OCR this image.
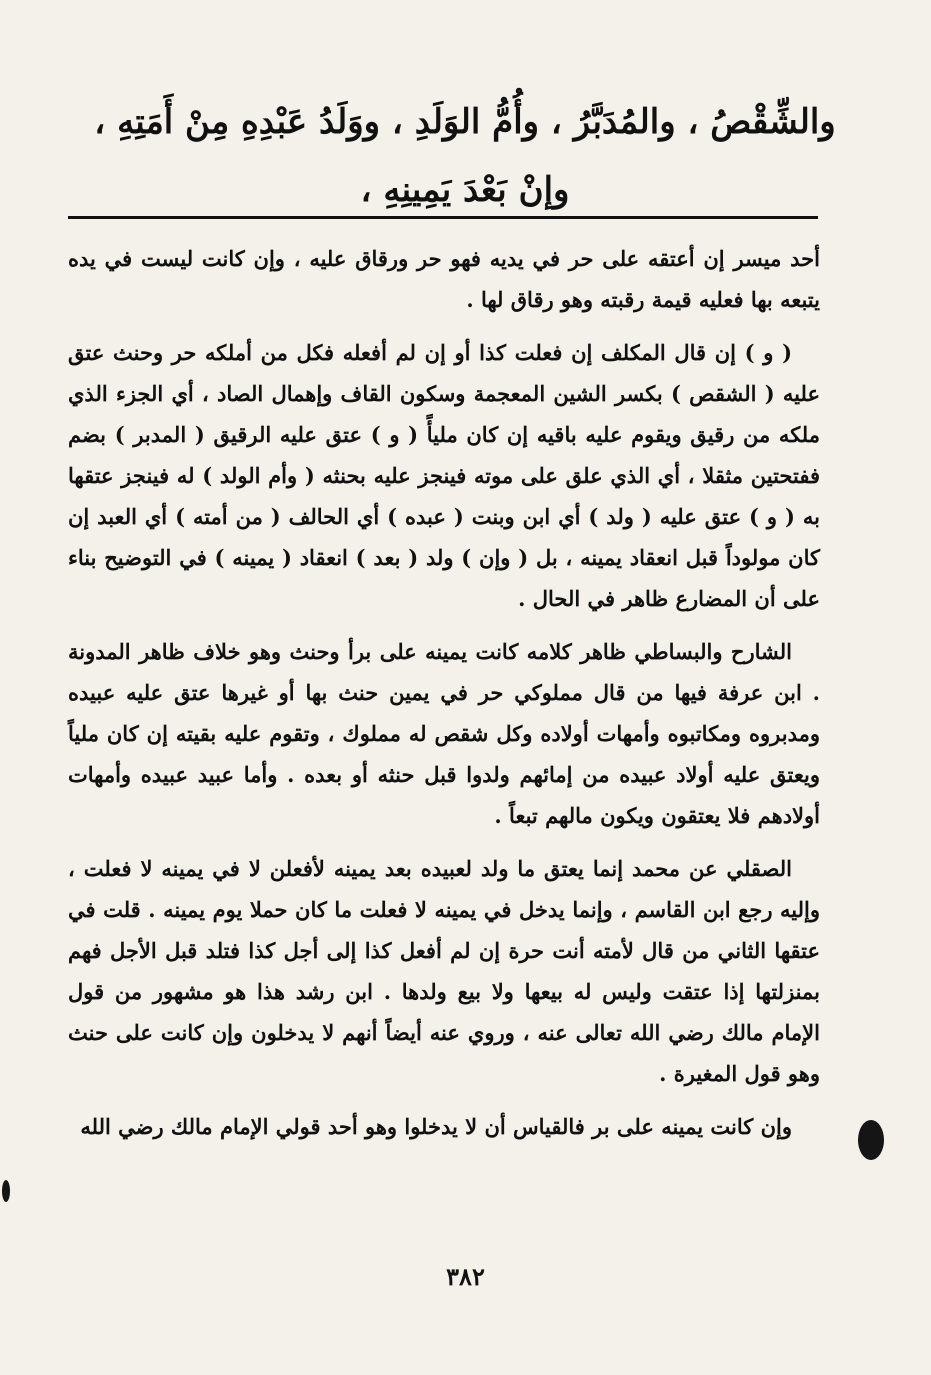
والشِّقْصُ ، والمُدَبَّرُ ، وأُمُّ الوَلَدِ ، ووَلَدُ عَبْدِهِ مِنْ أَمَتِهِ ،
وإنْ بَعْدَ يَمِينِهِ ،

أحد ميسر إن أعتقه على حر في يديه فهو حر ورقاق عليه ، وإن كانت ليست في يده يتبعه بها فعليه قيمة رقبته وهو رقاق لها .

( و ) إن قال المكلف إن فعلت كذا أو إن لم أفعله فكل من أملكه حر وحنث عتق عليه ( الشقص ) بكسر الشين المعجمة وسكون القاف وإهمال الصاد ، أي الجزء الذي ملكه من رقيق ويقوم عليه باقيه إن كان مليأً ( و ) عتق عليه الرقيق ( المدبر ) بضم ففتحتين مثقلا ، أي الذي علق على موته فينجز عليه بحنثه ( وأم الولد ) له فينجز عتقها به ( و ) عتق عليه ( ولد ) أي ابن وبنت ( عبده ) أي الحالف ( من أمته ) أي العبد إن كان مولوداً قبل انعقاد يمينه ، بل ( وإن ) ولد ( بعد ) انعقاد ( يمينه ) في التوضيح بناء على أن المضارع ظاهر في الحال .

الشارح والبساطي ظاهر كلامه كانت يمينه على برأ وحنث وهو خلاف ظاهر المدونة . ابن عرفة فيها من قال مملوكي حر في يمين حنث بها أو غيرها عتق عليه عبيده ومدبروه ومكاتبوه وأمهات أولاده وكل شقص له مملوك ، وتقوم عليه بقيته إن كان ملياً ويعتق عليه أولاد عبيده من إمائهم ولدوا قبل حنثه أو بعده . وأما عبيد عبيده وأمهات أولادهم فلا يعتقون ويكون مالهم تبعاً .

الصقلي عن محمد إنما يعتق ما ولد لعبيده بعد يمينه لأفعلن لا في يمينه لا فعلت ، وإليه رجع ابن القاسم ، وإنما يدخل في يمينه لا فعلت ما كان حملا يوم يمينه . قلت في عتقها الثاني من قال لأمته أنت حرة إن لم أفعل كذا إلى أجل كذا فتلد قبل الأجل فهم بمنزلتها إذا عتقت وليس له بيعها ولا بيع ولدها . ابن رشد هذا هو مشهور من قول الإمام مالك رضي الله تعالى عنه ، وروي عنه أيضاً أنهم لا يدخلون وإن كانت على حنث وهو قول المغيرة .

وإن كانت يمينه على بر فالقياس أن لا يدخلوا وهو أحد قولي الإمام مالك رضي الله

٣٨٢
